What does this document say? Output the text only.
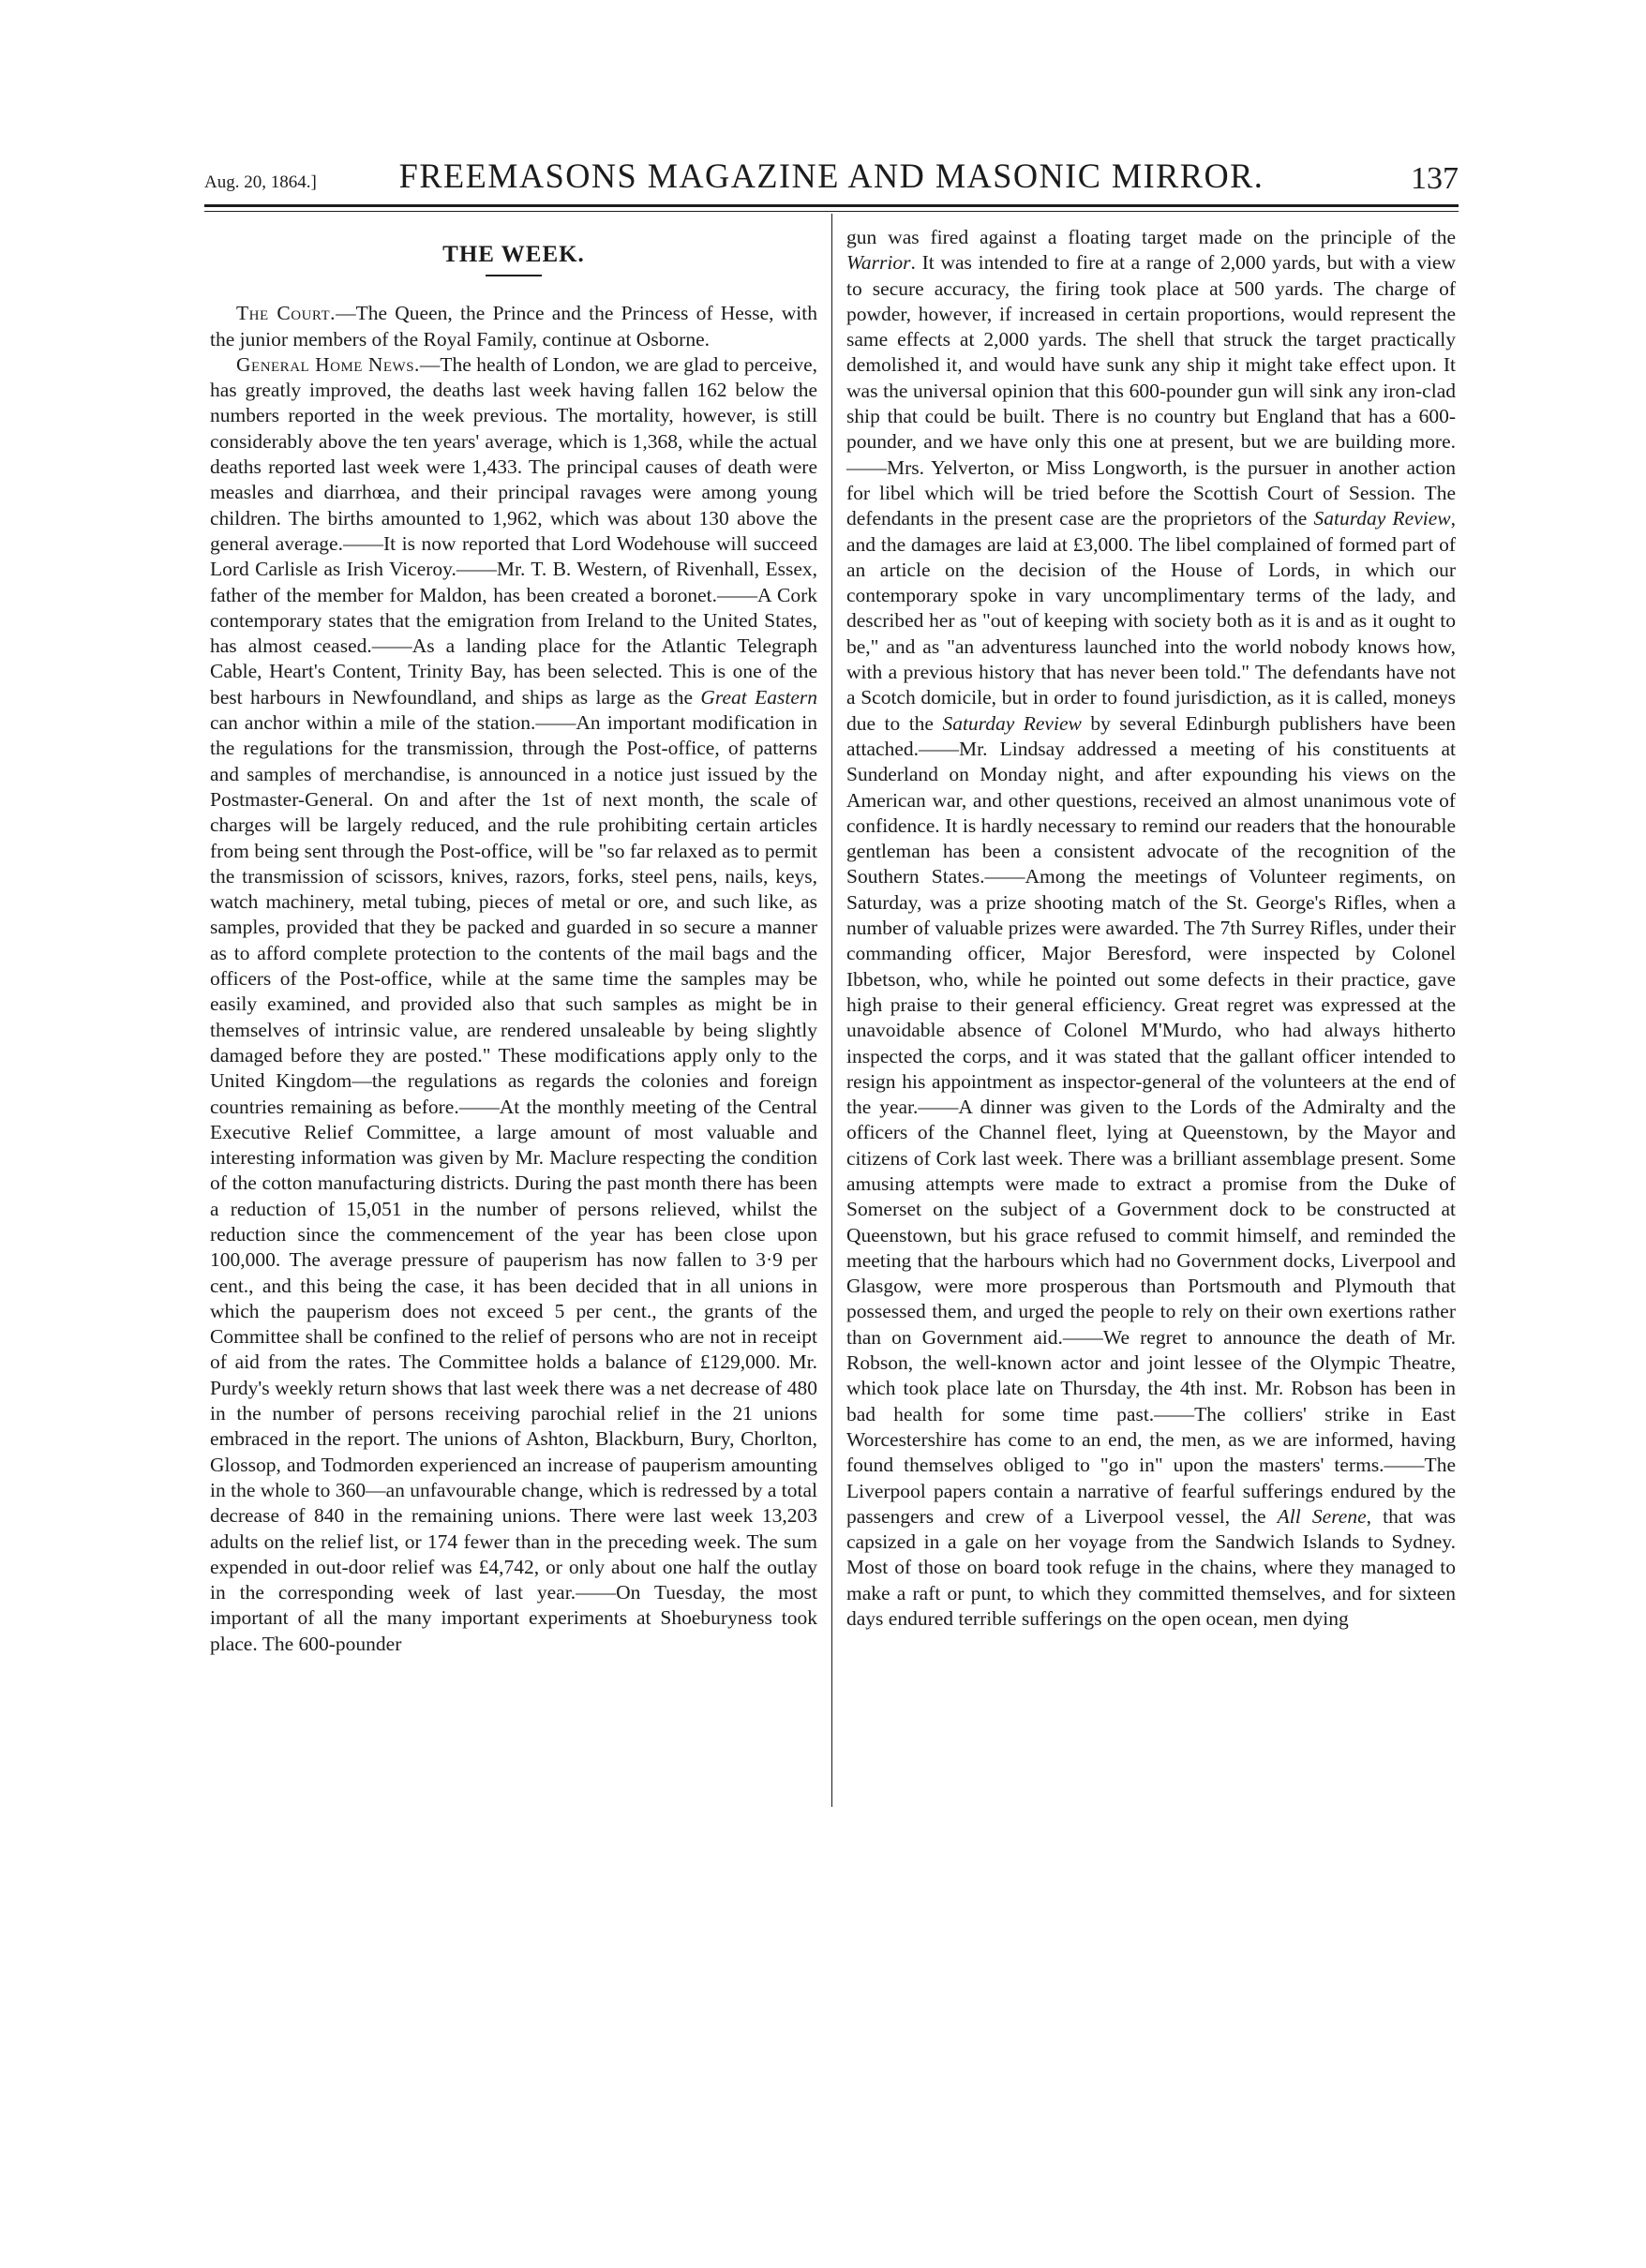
Aug. 20, 1864.]	FREEMASONS MAGAZINE AND MASONIC MIRROR.	137
THE WEEK.

The Court.—The Queen, the Prince and the Princess of Hesse, with the junior members of the Royal Family, continue at Osborne.

General Home News.—The health of London, we are glad to perceive, has greatly improved, the deaths last week having fallen 162 below the numbers reported in the week previous. The mortality, however, is still considerably above the ten years' average, which is 1,368, while the actual deaths reported last week were 1,433. The principal causes of death were measles and diarrhœa, and their principal ravages were among young children. The births amounted to 1,962, which was about 130 above the general average.——It is now reported that Lord Wodehouse will succeed Lord Carlisle as Irish Viceroy.——Mr. T. B. Western, of Rivenhall, Essex, father of the member for Maldon, has been created a boronet.——A Cork contemporary states that the emigration from Ireland to the United States, has almost ceased.——As a landing place for the Atlantic Telegraph Cable, Heart's Content, Trinity Bay, has been selected. This is one of the best harbours in Newfoundland, and ships as large as the Great Eastern can anchor within a mile of the station.——An important modification in the regulations for the transmission, through the Post-office, of patterns and samples of merchandise, is announced in a notice just issued by the Postmaster-General. On and after the 1st of next month, the scale of charges will be largely reduced, and the rule prohibiting certain articles from being sent through the Post-office, will be "so far relaxed as to permit the transmission of scissors, knives, razors, forks, steel pens, nails, keys, watch machinery, metal tubing, pieces of metal or ore, and such like, as samples, provided that they be packed and guarded in so secure a manner as to afford complete protection to the contents of the mail bags and the officers of the Post-office, while at the same time the samples may be easily examined, and provided also that such samples as might be in themselves of intrinsic value, are rendered unsaleable by being slightly damaged before they are posted." These modifications apply only to the United Kingdom—the regulations as regards the colonies and foreign countries remaining as before.——At the monthly meeting of the Central Executive Relief Committee, a large amount of most valuable and interesting information was given by Mr. Maclure respecting the condition of the cotton manufacturing districts. During the past month there has been a reduction of 15,051 in the number of persons relieved, whilst the reduction since the commencement of the year has been close upon 100,000. The average pressure of pauperism has now fallen to 3·9 per cent., and this being the case, it has been decided that in all unions in which the pauperism does not exceed 5 per cent., the grants of the Committee shall be confined to the relief of persons who are not in receipt of aid from the rates. The Committee holds a balance of £129,000. Mr. Purdy's weekly return shows that last week there was a net decrease of 480 in the number of persons receiving parochial relief in the 21 unions embraced in the report. The unions of Ashton, Blackburn, Bury, Chorlton, Glossop, and Todmorden experienced an increase of pauperism amounting in the whole to 360—an unfavourable change, which is redressed by a total decrease of 840 in the remaining unions. There were last week 13,203 adults on the relief list, or 174 fewer than in the preceding week. The sum expended in out-door relief was £4,742, or only about one half the outlay in the corresponding week of last year.——On Tuesday, the most important of all the many important experiments at Shoeburyness took place. The 600-pounder

gun was fired against a floating target made on the principle of the Warrior. It was intended to fire at a range of 2,000 yards, but with a view to secure accuracy, the firing took place at 500 yards. The charge of powder, however, if increased in certain proportions, would represent the same effects at 2,000 yards. The shell that struck the target practically demolished it, and would have sunk any ship it might take effect upon. It was the universal opinion that this 600-pounder gun will sink any iron-clad ship that could be built. There is no country but England that has a 600-pounder, and we have only this one at present, but we are building more.——Mrs. Yelverton, or Miss Longworth, is the pursuer in another action for libel which will be tried before the Scottish Court of Session. The defendants in the present case are the proprietors of the Saturday Review, and the damages are laid at £3,000. The libel complained of formed part of an article on the decision of the House of Lords, in which our contemporary spoke in vary uncomplimentary terms of the lady, and described her as "out of keeping with society both as it is and as it ought to be," and as "an adventuress launched into the world nobody knows how, with a previous history that has never been told." The defendants have not a Scotch domicile, but in order to found jurisdiction, as it is called, moneys due to the Saturday Review by several Edinburgh publishers have been attached.——Mr. Lindsay addressed a meeting of his constituents at Sunderland on Monday night, and after expounding his views on the American war, and other questions, received an almost unanimous vote of confidence. It is hardly necessary to remind our readers that the honourable gentleman has been a consistent advocate of the recognition of the Southern States.——Among the meetings of Volunteer regiments, on Saturday, was a prize shooting match of the St. George's Rifles, when a number of valuable prizes were awarded. The 7th Surrey Rifles, under their commanding officer, Major Beresford, were inspected by Colonel Ibbetson, who, while he pointed out some defects in their practice, gave high praise to their general efficiency. Great regret was expressed at the unavoidable absence of Colonel M'Murdo, who had always hitherto inspected the corps, and it was stated that the gallant officer intended to resign his appointment as inspector-general of the volunteers at the end of the year.——A dinner was given to the Lords of the Admiralty and the officers of the Channel fleet, lying at Queenstown, by the Mayor and citizens of Cork last week. There was a brilliant assemblage present. Some amusing attempts were made to extract a promise from the Duke of Somerset on the subject of a Government dock to be constructed at Queenstown, but his grace refused to commit himself, and reminded the meeting that the harbours which had no Government docks, Liverpool and Glasgow, were more prosperous than Portsmouth and Plymouth that possessed them, and urged the people to rely on their own exertions rather than on Government aid.——We regret to announce the death of Mr. Robson, the well-known actor and joint lessee of the Olympic Theatre, which took place late on Thursday, the 4th inst. Mr. Robson has been in bad health for some time past.——The colliers' strike in East Worcestershire has come to an end, the men, as we are informed, having found themselves obliged to "go in" upon the masters' terms.——The Liverpool papers contain a narrative of fearful sufferings endured by the passengers and crew of a Liverpool vessel, the All Serene, that was capsized in a gale on her voyage from the Sandwich Islands to Sydney. Most of those on board took refuge in the chains, where they managed to make a raft or punt, to which they committed themselves, and for sixteen days endured terrible sufferings on the open ocean, men dying
